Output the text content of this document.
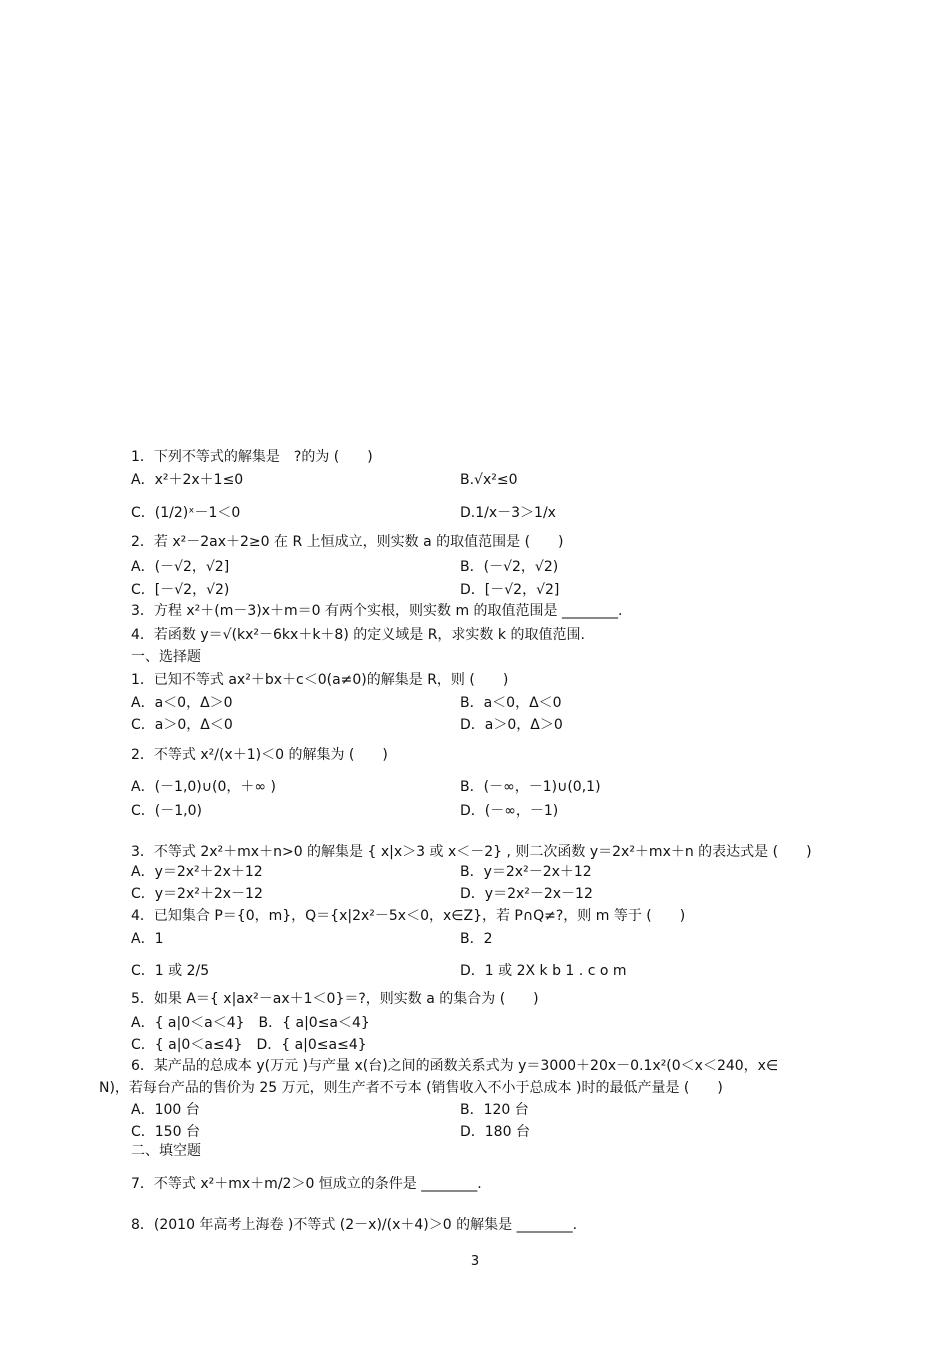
1．下列不等式的解集是　?的为 (　　)
A．x²＋2x＋1≤0	B.√x²≤0
C．(1/2)ˣ－1＜0	D.1/x－3＞1/x
2．若 x²－2ax＋2≥0 在 R 上恒成立，则实数 a 的取值范围是 (　　)
A．(－√2，√2]	B．(－√2，√2)
C．[－√2，√2)	D．[－√2，√2]
3．方程 x²＋(m－3)x＋m＝0 有两个实根，则实数 m 的取值范围是 ________.
4．若函数 y＝√(kx²－6kx＋k＋8) 的定义域是 R，求实数 k 的取值范围.
一、选择题
1．已知不等式 ax²＋bx＋c＜0(a≠0)的解集是 R，则 (　　)
A．a＜0，Δ＞0	B．a＜0，Δ＜0
C．a＞0，Δ＜0	D．a＞0，Δ＞0
2．不等式 x²/(x＋1)＜0 的解集为 (　　)
A．(－1,0)∪(0，＋∞ )	B．(－∞，－1)∪(0,1)
C．(－1,0)	D．(－∞，－1)
3．不等式 2x²＋mx＋n>0 的解集是 { x|x＞3 或 x＜－2} , 则二次函数 y＝2x²＋mx＋n 的表达式是 (　　)
A．y＝2x²＋2x＋12	B．y＝2x²－2x＋12
C．y＝2x²＋2x－12	D．y＝2x²－2x－12
4．已知集合 P＝{0，m}，Q＝{x|2x²－5x＜0，x∈Z}，若 P∩Q≠?，则 m 等于 (　　)
A．1	B．2
C．1 或 2/5	D．1 或 2X k b 1 . c o m
5．如果 A＝{ x|ax²－ax＋1＜0}＝?，则实数 a 的集合为 (　　)
A．{ a|0＜a＜4}　B．{ a|0≤a＜4}
C．{ a|0＜a≤4}　D．{ a|0≤a≤4}
6．某产品的总成本 y(万元 )与产量 x(台)之间的函数关系式为 y＝3000＋20x－0.1x²(0＜x＜240，x∈
N)，若每台产品的售价为 25 万元，则生产者不亏本 (销售收入不小于总成本 )时的最低产量是 (　　)
A．100 台	B．120 台
C．150 台	D．180 台
二、填空题
7．不等式 x²＋mx＋m/2＞0 恒成立的条件是 ________.
8．(2010 年高考上海卷 )不等式 (2－x)/(x＋4)＞0 的解集是 ________.
3
